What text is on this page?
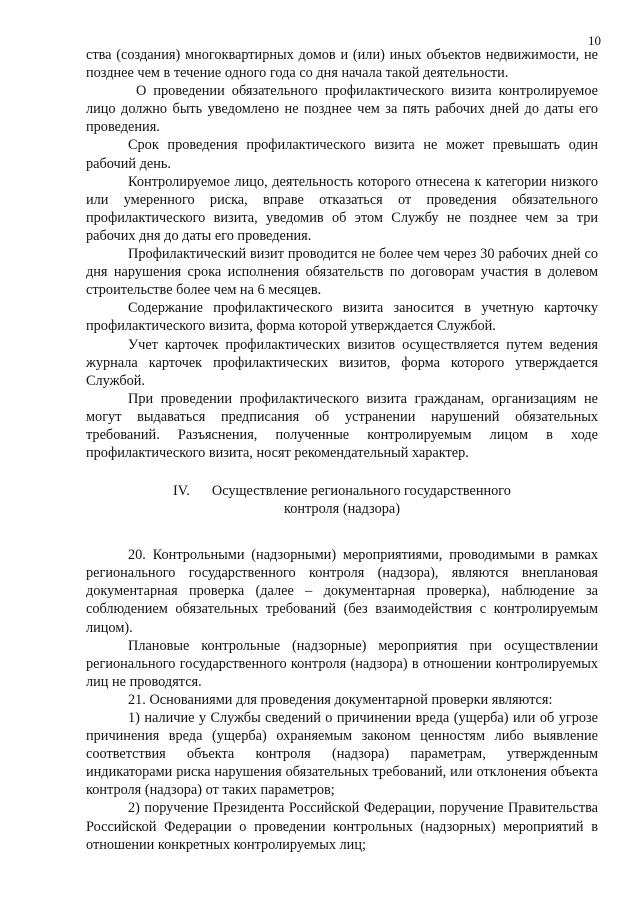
10

ства (создания) многоквартирных домов и (или) иных объектов недвижимости, не позднее чем в течение одного года со дня начала такой деятельности.

О проведении обязательного профилактического визита контролируемое лицо должно быть уведомлено не позднее чем за пять рабочих дней до даты его проведения.

Срок проведения профилактического визита не может превышать один рабочий день.

Контролируемое лицо, деятельность которого отнесена к категории низкого или умеренного риска, вправе отказаться от проведения обязательного профилактического визита, уведомив об этом Службу не позднее чем за три рабочих дня до даты его проведения.

Профилактический визит проводится не более чем через 30 рабочих дней со дня нарушения срока исполнения обязательств по договорам участия в долевом строительстве более чем на 6 месяцев.

Содержание профилактического визита заносится в учетную карточку профилактического визита, форма которой утверждается Службой.

Учет карточек профилактических визитов осуществляется путем ведения журнала карточек профилактических визитов, форма которого утверждается Службой.

При проведении профилактического визита гражданам, организациям не могут выдаваться предписания об устранении нарушений обязательных требований. Разъяснения, полученные контролируемым лицом в ходе профилактического визита, носят рекомендательный характер.

IV. Осуществление регионального государственного
контроля (надзора)

20. Контрольными (надзорными) мероприятиями, проводимыми в рамках регионального государственного контроля (надзора), являются внеплановая документарная проверка (далее – документарная проверка), наблюдение за соблюдением обязательных требований (без взаимодействия с контролируемым лицом).

Плановые контрольные (надзорные) мероприятия при осуществлении регионального государственного контроля (надзора) в отношении контролируемых лиц не проводятся.

21. Основаниями для проведения документарной проверки являются:

1) наличие у Службы сведений о причинении вреда (ущерба) или об угрозе причинения вреда (ущерба) охраняемым законом ценностям либо выявление соответствия объекта контроля (надзора) параметрам, утвержденным индикаторами риска нарушения обязательных требований, или отклонения объекта контроля (надзора) от таких параметров;

2) поручение Президента Российской Федерации, поручение Правительства Российской Федерации о проведении контрольных (надзорных) мероприятий в отношении конкретных контролируемых лиц;
